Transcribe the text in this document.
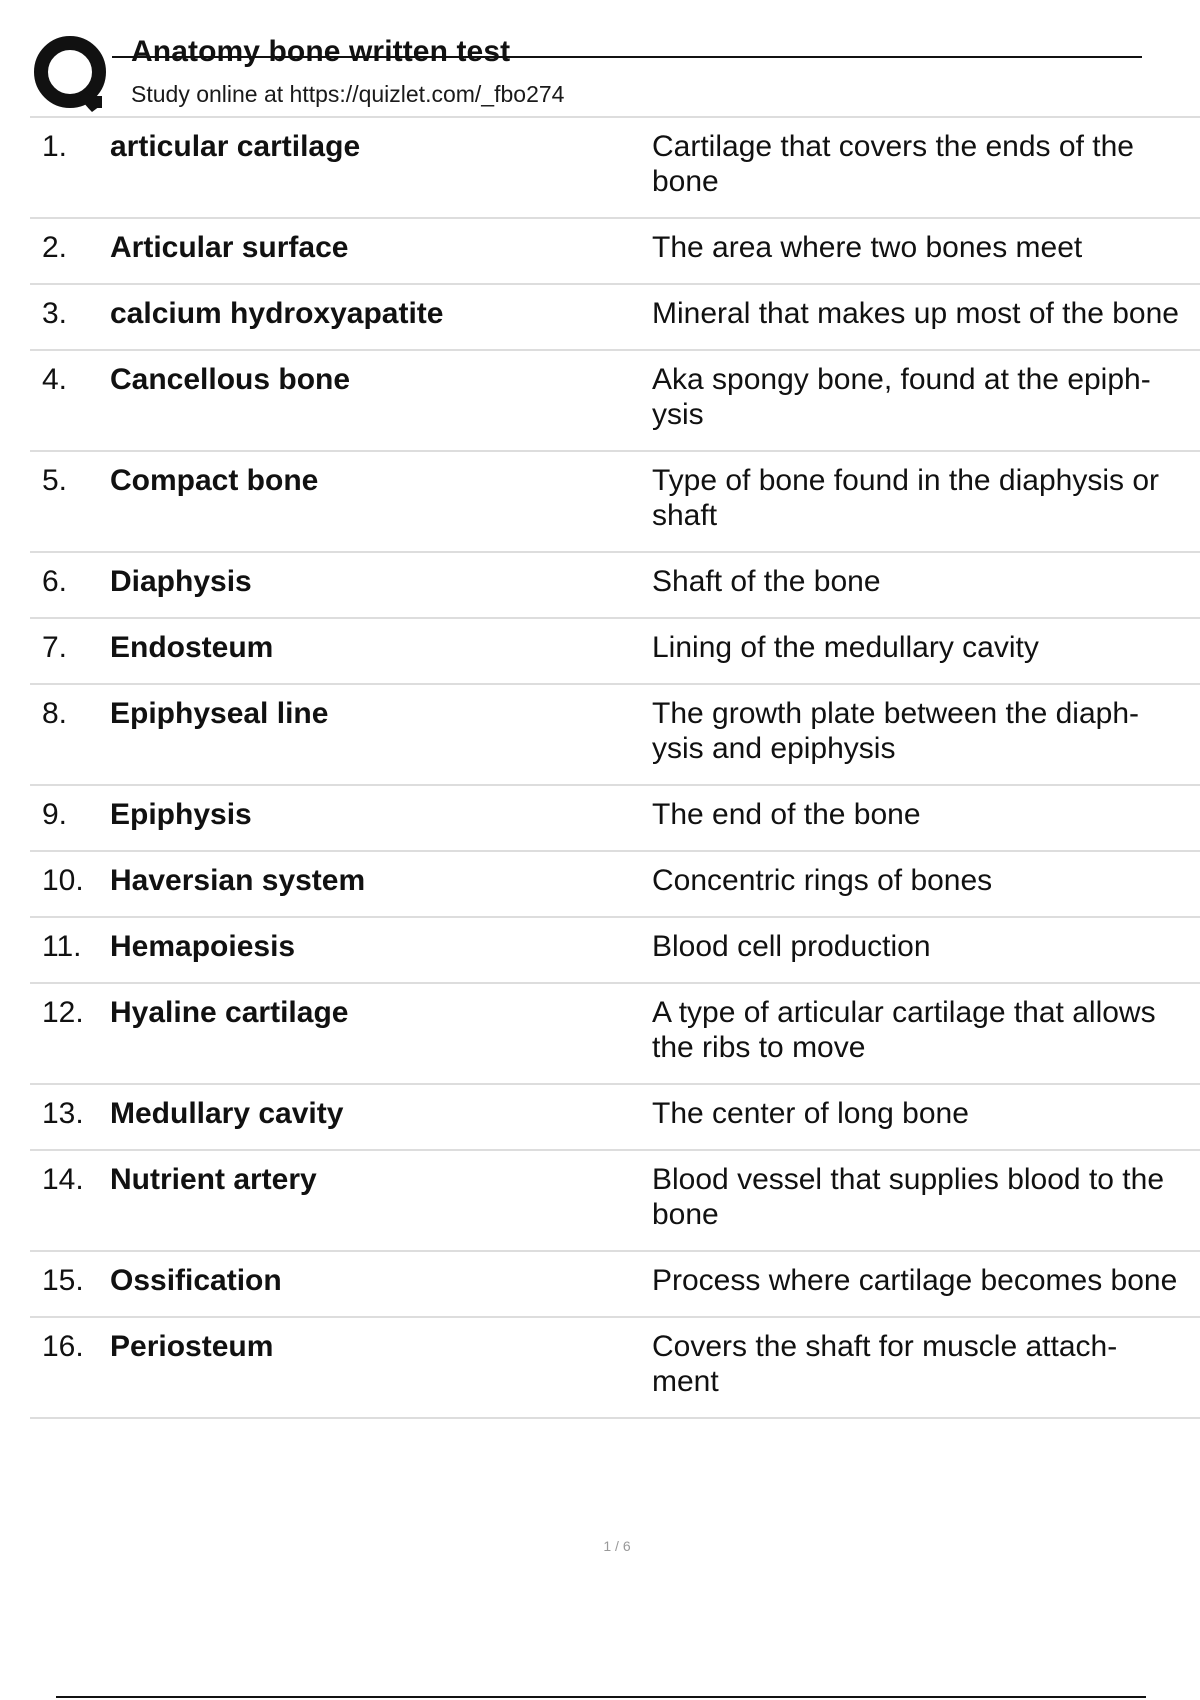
Anatomy bone written test
Study online at https://quizlet.com/_fbo274
1.	articular cartilage	Cartilage that covers the ends of the bone
2.	Articular surface	The area where two bones meet
3.	calcium hydroxyapatite	Mineral that makes up most of the bone
4.	Cancellous bone	Aka spongy bone, found at the epiph- ysis
5.	Compact bone	Type of bone found in the diaphysis or shaft
6.	Diaphysis	Shaft of the bone
7.	Endosteum	Lining of the medullary cavity
8.	Epiphyseal line	The growth plate between the diaph- ysis and epiphysis
9.	Epiphysis	The end of the bone
10. Haversian system	Concentric rings of bones
11. Hemapoiesis	Blood cell production
12. Hyaline cartilage	A type of articular cartilage that allows the ribs to move
13. Medullary cavity	The center of long bone
14. Nutrient artery	Blood vessel that supplies blood to the bone
15. Ossification	Process where cartilage becomes bone
16. Periosteum	Covers the shaft for muscle attach- ment
1 / 6
